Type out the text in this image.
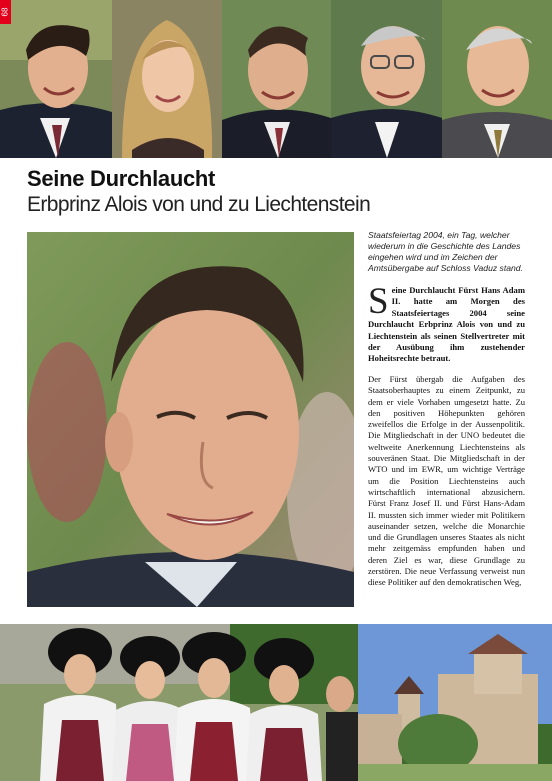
68
Seine Durchlaucht
Erbprinz Alois von und zu Liechtenstein
Staatsfeiertag 2004, ein Tag, welcher wiederum in die Geschichte des Landes eingehen wird und im Zeichen der Amtsübergabe auf Schloss Vaduz stand.
Seine Durchlaucht Fürst Hans Adam II. hatte am Morgen des Staatsfeiertages 2004 seine Durchlaucht Erbprinz Alois von und zu Liechtenstein als seinen Stellvertreter mit der Ausübung ihm zustehender Hoheitsrechte betraut.
Der Fürst übergab die Aufgaben des Staatsoberhauptes zu einem Zeitpunkt, zu dem er viele Vorhaben umgesetzt hatte. Zu den positiven Höhepunkten gehören zweifellos die Erfolge in der Aussenpolitik. Die Mitgliedschaft in der UNO bedeutet die weltweite Anerkennung Liechtensteins als souveränen Staat. Die Mitgliedschaft in der WTO und im EWR, um wichtige Verträge um die Position Liechtensteins auch wirtschaftlich international abzusichern. Fürst Franz Josef II. und Fürst Hans-Adam II. mussten sich immer wieder mit Politikern auseinander setzen, welche die Monarchie und die Grundlagen unseres Staates als nicht mehr zeitgemäss empfunden haben und deren Ziel es war, diese Grundlage zu zerstören. Die neue Verfassung verweist nun diese Politiker auf den demokratischen Weg,
